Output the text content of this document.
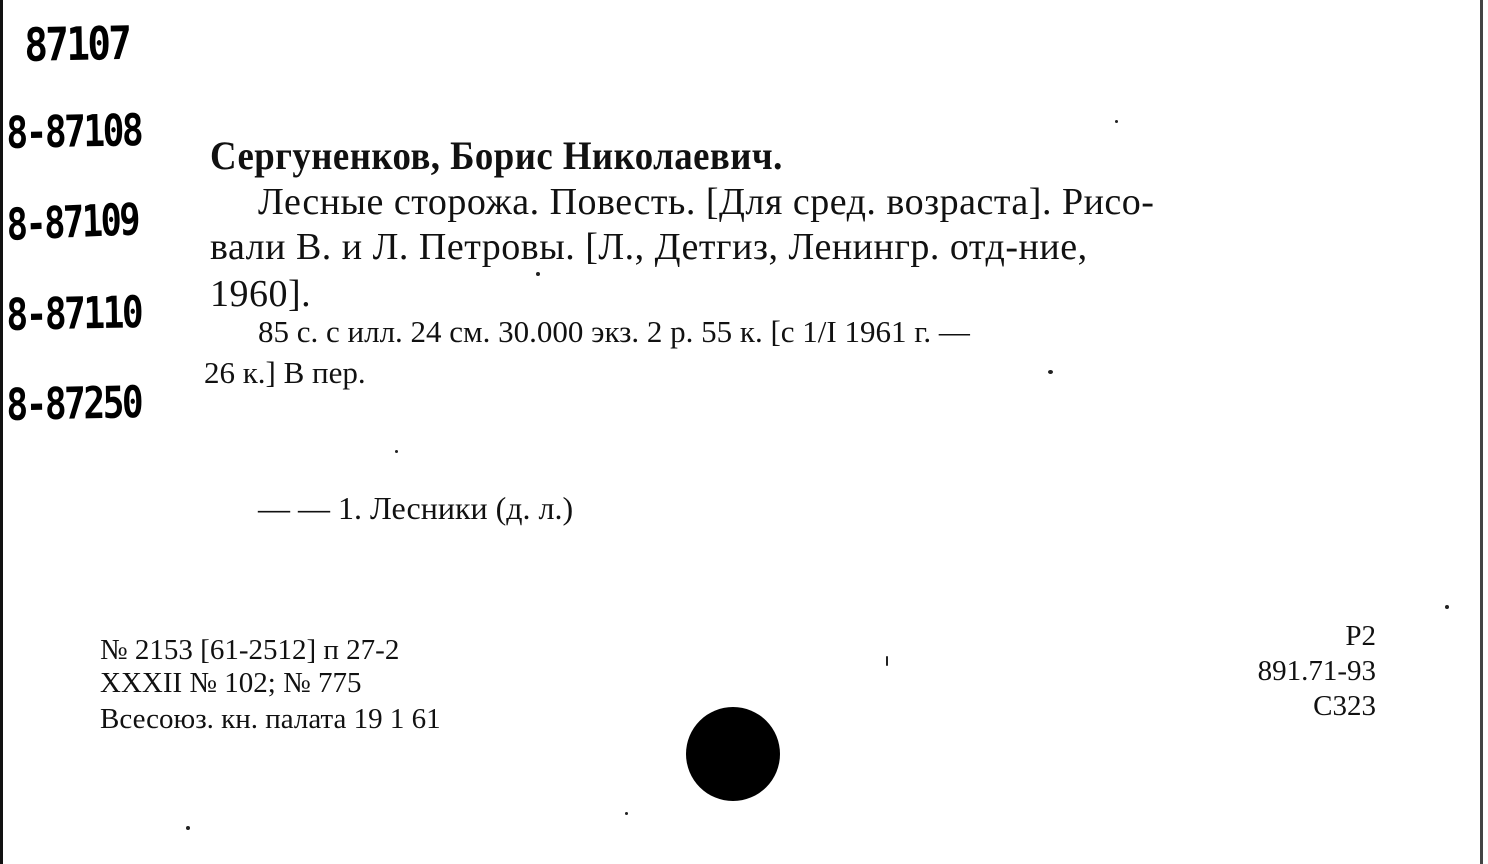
87107
8-87108
8-87109
8-87110
8-87250
Сергуненков, Борис Николаевич.
Лесные сторожа. Повесть. [Для сред. возраста]. Рисо-
вали В. и Л. Петровы. [Л., Детгиз, Ленингр. отд-ние,
1960].
85 с. с илл. 24 см. 30.000 экз. 2 р. 55 к. [с 1/I 1961 г. —
26 к.] В пер.
— — 1. Лесники (д. л.)
№ 2153 [61-2512] п 27-2
XXXII № 102; № 775
Всесоюз. кн. палата 19 1 61
Р2
891.71-93
С323
